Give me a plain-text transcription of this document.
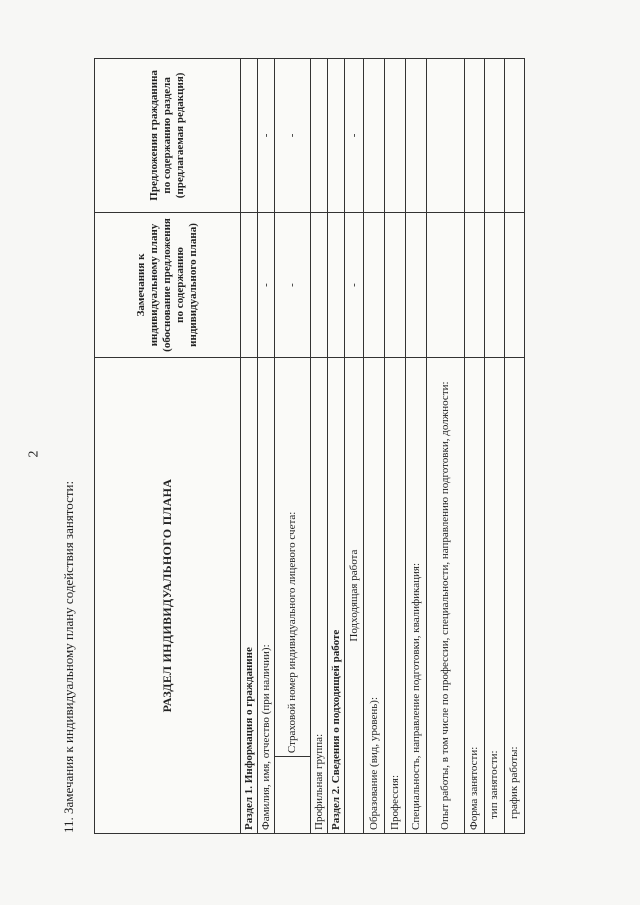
2
11. Замечания к индивидуальному плану содействия занятости:	РАЗДЕЛ ИНДИВИДУАЛЬНОГО ПЛАНА		Замечания к индивидуальному плану (обоснование предложения по содержанию индивидуального плана)	Предложения гражданина по содержанию раздела (предлагаемая редакция)
Раздел 1. Информация о гражданине			
Фамилия, имя, отчество (при наличии):		-	-
	Страховой номер индивидуального лицевого счета:	-	-
Профильная группа:			
Раздел 2. Сведения о подходящей работе			
Подходящая работа		-	-
Образование (вид, уровень):			
Профессия:			
Специальность, направление подготовки, квалификация:			
Опыт работы, в том числе по профессии, специальности, направлению подготовки, должности:			
Форма занятости:			
тип занятости:			
график работы:			
